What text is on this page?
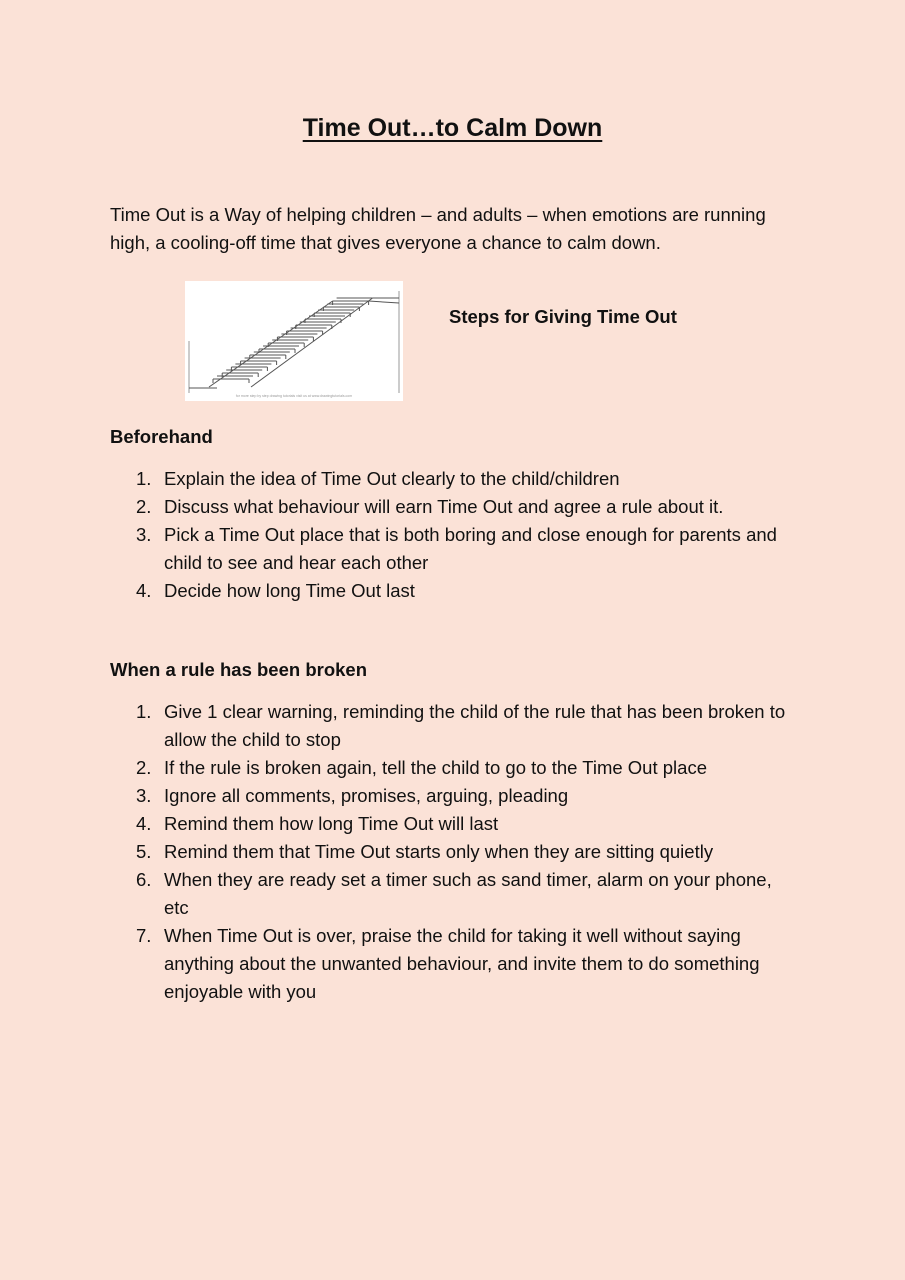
Time Out…to Calm Down

Time Out is a Way of helping children – and adults – when emotions are running high, a cooling-off time that gives everyone a chance to calm down.

for more step by step drawing tutorials visit us at www.drawingtutorials.com

Steps for Giving Time Out

Beforehand

1. Explain the idea of Time Out clearly to the child/children
2. Discuss what behaviour will earn Time Out and agree a rule about it.
3. Pick a Time Out place that is both boring and close enough for parents and child to see and hear each other
4. Decide how long Time Out last

When a rule has been broken

1. Give 1 clear warning, reminding the child of the rule that has been broken to allow the child to stop
2. If the rule is broken again, tell the child to go to the Time Out place
3. Ignore all comments, promises, arguing, pleading
4. Remind them how long Time Out will last
5. Remind them that Time Out starts only when they are sitting quietly
6. When they are ready set a timer such as sand timer, alarm on your phone, etc
7. When Time Out is over, praise the child for taking it well without saying anything about the unwanted behaviour, and invite them to do something enjoyable with you
